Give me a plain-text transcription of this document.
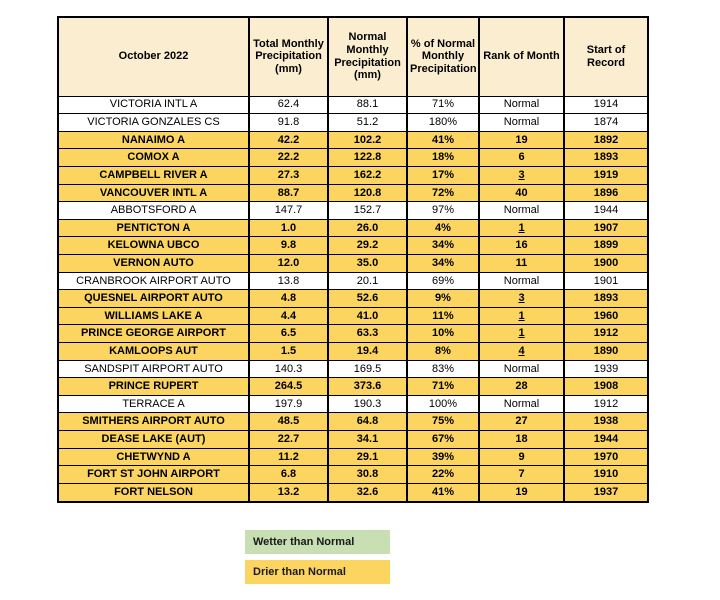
October 2022	Total Monthly Precipitation (mm)	Normal Monthly Precipitation (mm)	% of Normal Monthly Precipitation	Rank of Month	Start of Record
VICTORIA INTL A	62.4	88.1	71%	Normal	1914
VICTORIA GONZALES CS	91.8	51.2	180%	Normal	1874
NANAIMO A	42.2	102.2	41%	19	1892
COMOX A	22.2	122.8	18%	6	1893
CAMPBELL RIVER A	27.3	162.2	17%	3	1919
VANCOUVER INTL A	88.7	120.8	72%	40	1896
ABBOTSFORD A	147.7	152.7	97%	Normal	1944
PENTICTON A	1.0	26.0	4%	1	1907
KELOWNA UBCO	9.8	29.2	34%	16	1899
VERNON AUTO	12.0	35.0	34%	11	1900
CRANBROOK AIRPORT AUTO	13.8	20.1	69%	Normal	1901
QUESNEL AIRPORT AUTO	4.8	52.6	9%	3	1893
WILLIAMS LAKE A	4.4	41.0	11%	1	1960
PRINCE GEORGE AIRPORT	6.5	63.3	10%	1	1912
KAMLOOPS AUT	1.5	19.4	8%	4	1890
SANDSPIT AIRPORT AUTO	140.3	169.5	83%	Normal	1939
PRINCE RUPERT	264.5	373.6	71%	28	1908
TERRACE A	197.9	190.3	100%	Normal	1912
SMITHERS AIRPORT AUTO	48.5	64.8	75%	27	1938
DEASE LAKE (AUT)	22.7	34.1	67%	18	1944
CHETWYND A	11.2	29.1	39%	9	1970
FORT ST JOHN AIRPORT	6.8	30.8	22%	7	1910
FORT NELSON	13.2	32.6	41%	19	1937
Wetter than Normal
Drier than Normal
